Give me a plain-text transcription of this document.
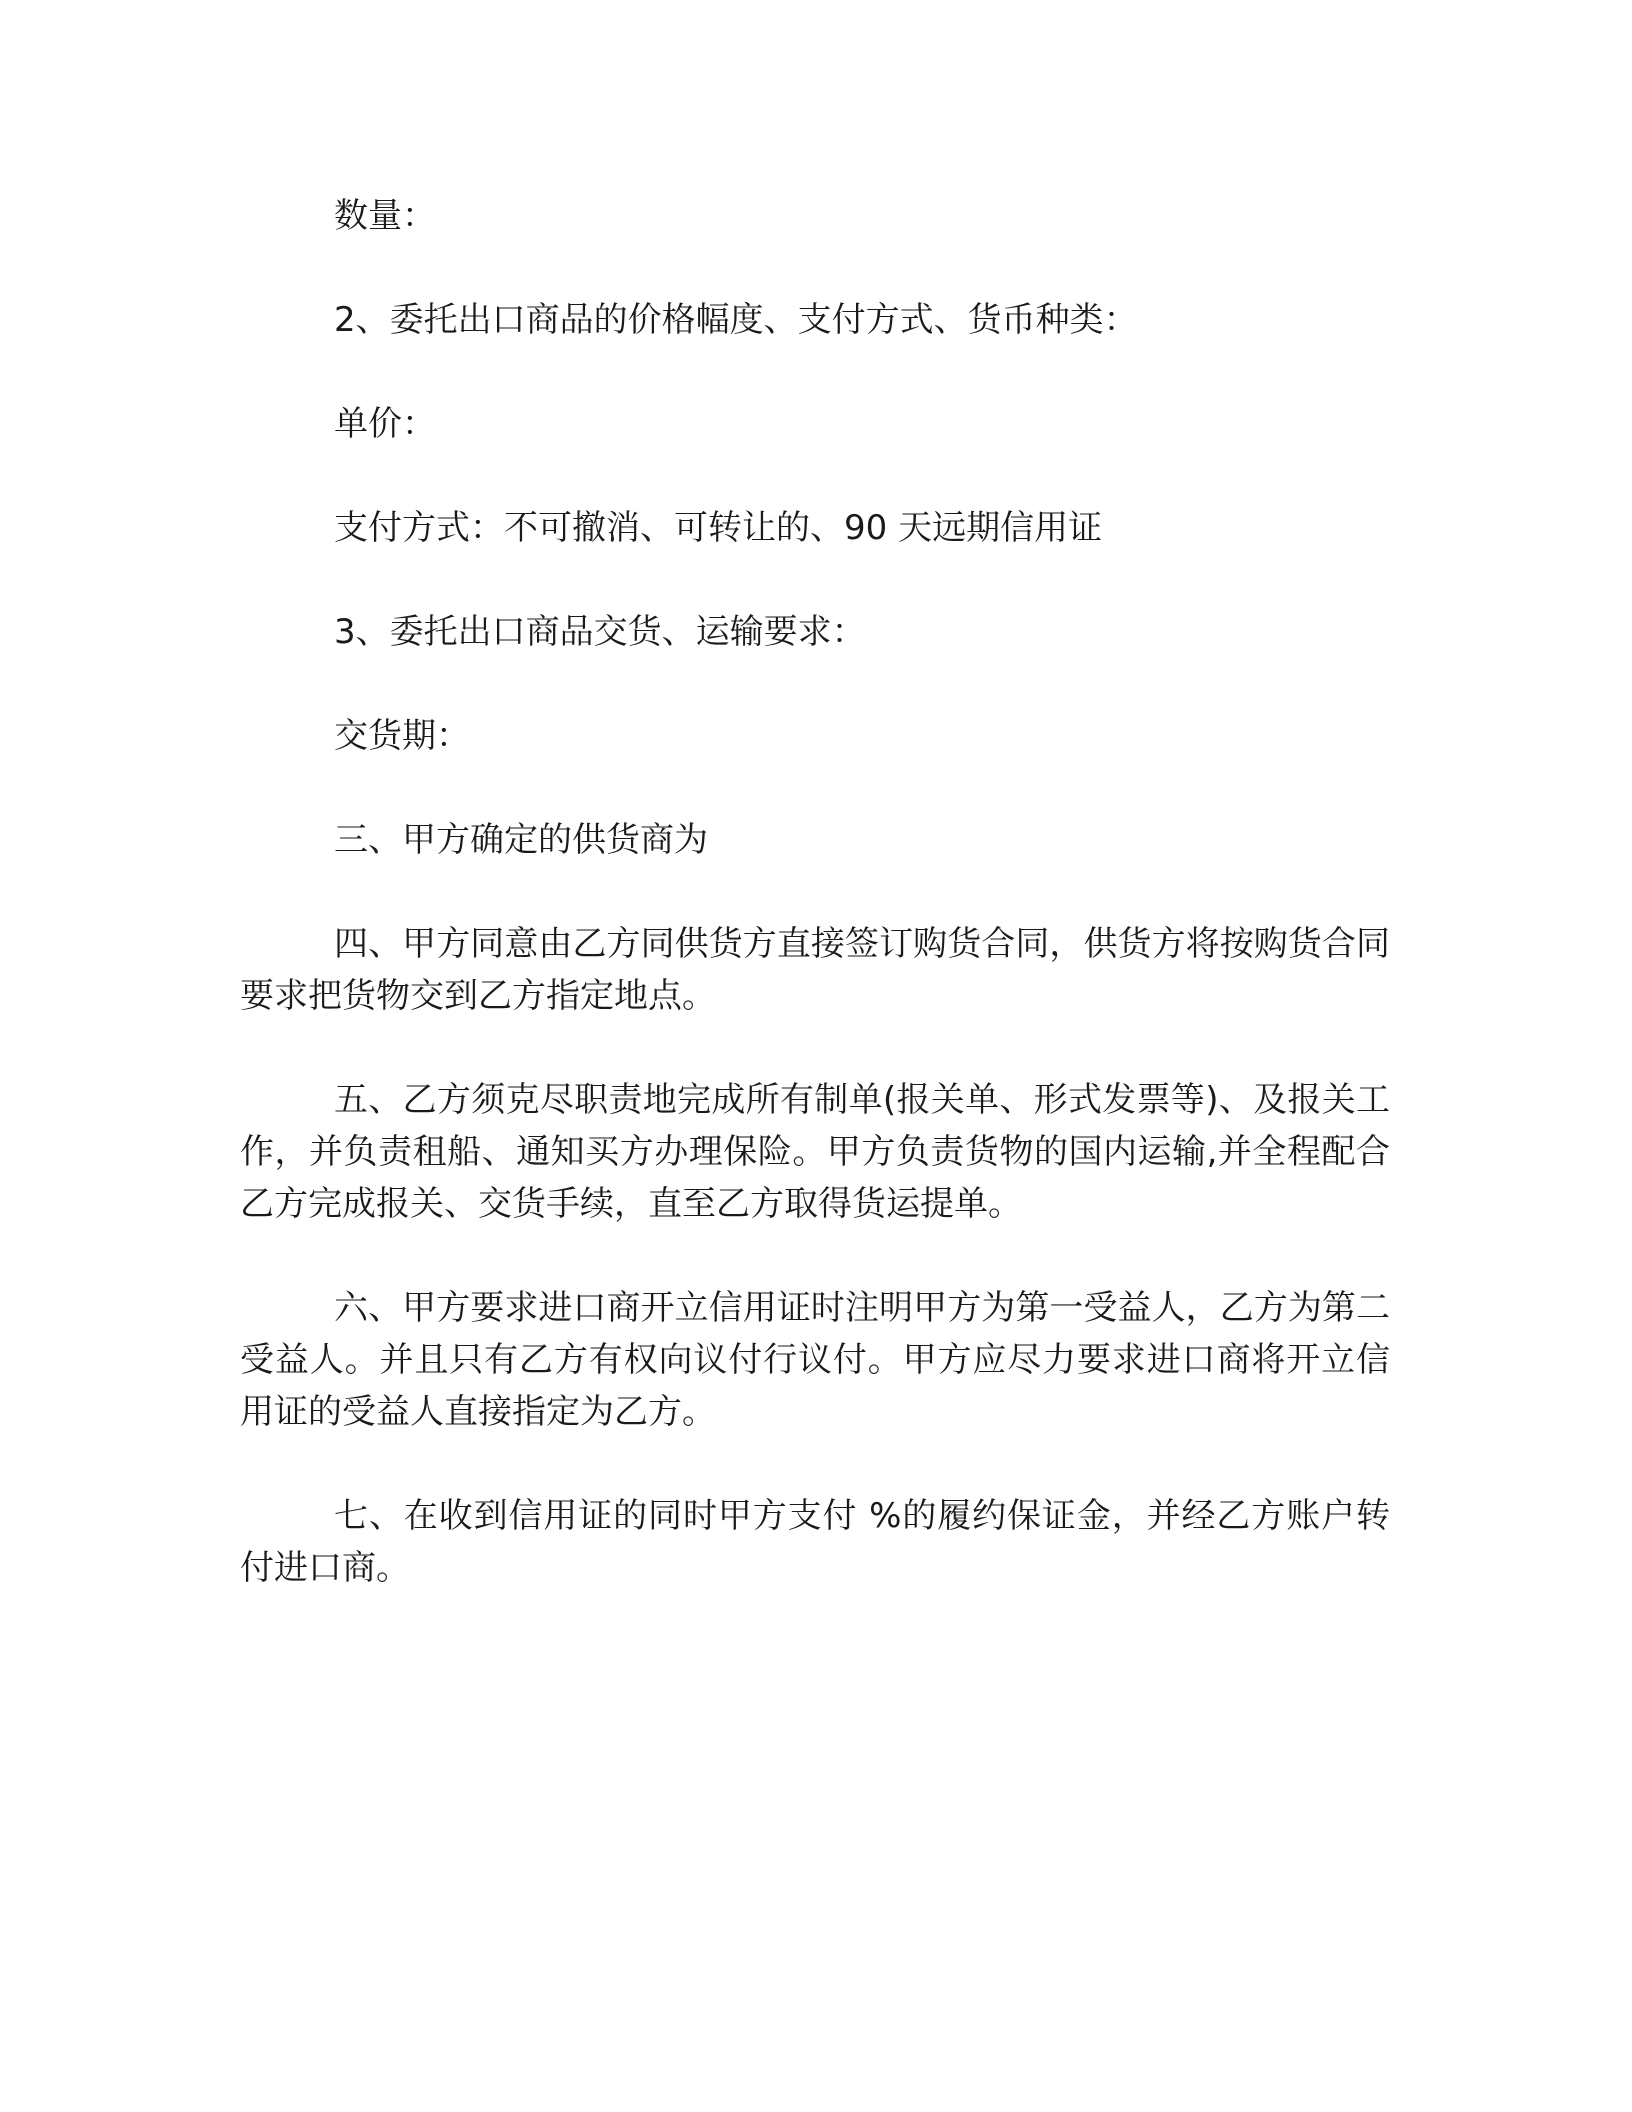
数量：
2、委托出口商品的价格幅度、支付方式、货币种类：
单价：
支付方式：不可撤消、可转让的、90 天远期信用证
3、委托出口商品交货、运输要求：
交货期：
三、甲方确定的供货商为

四、甲方同意由乙方同供货方直接签订购货合同，供货方将按购货合同要求把货物交到乙方指定地点。

五、乙方须克尽职责地完成所有制单(报关单、形式发票等)、及报关工作，并负责租船、通知买方办理保险。甲方负责货物的国内运输,并全程配合乙方完成报关、交货手续，直至乙方取得货运提单。

六、甲方要求进口商开立信用证时注明甲方为第一受益人，乙方为第二受益人。并且只有乙方有权向议付行议付。甲方应尽力要求进口商将开立信用证的受益人直接指定为乙方。

七、在收到信用证的同时甲方支付 %的履约保证金，并经乙方账户转付进口商。
